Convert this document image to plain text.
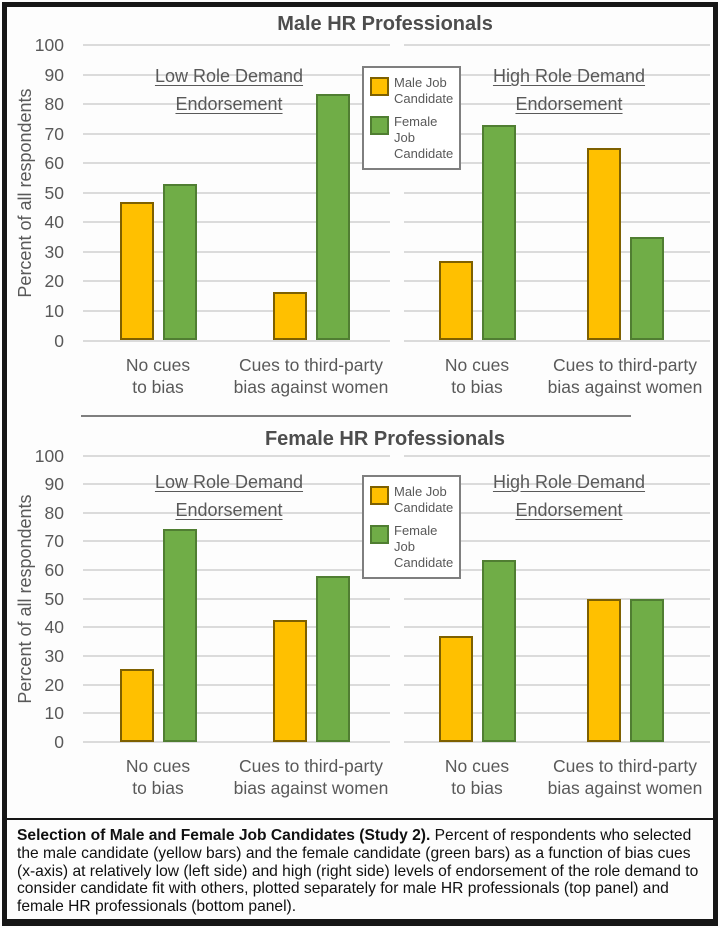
Selection of Male and Female Job Candidates (Study 2). Percent of respondents who selected the male candidate (yellow bars) and the female candidate (green bars) as a function of bias cues (x-axis) at relatively low (left side) and high (right side) levels of endorsement of the role demand to consider candidate fit with others, plotted separately for male HR professionals (top panel) and female HR professionals (bottom panel).
Male HR Professionals
Percent of all respondents
0
10
20
30
40
50
60
70
80
90
100
Low Role Demand
Endorsement
High Role Demand
Endorsement
Male Job Candidate
Female Job Candidate
No cues
to bias
Cues to third-party
bias against women
No cues
to bias
Cues to third-party
bias against women
Female HR Professionals
Percent of all respondents
0
10
20
30
40
50
60
70
80
90
100
Low Role Demand
Endorsement
High Role Demand
Endorsement
Male Job Candidate
Female Job Candidate
No cues
to bias
Cues to third-party
bias against women
No cues
to bias
Cues to third-party
bias against women
